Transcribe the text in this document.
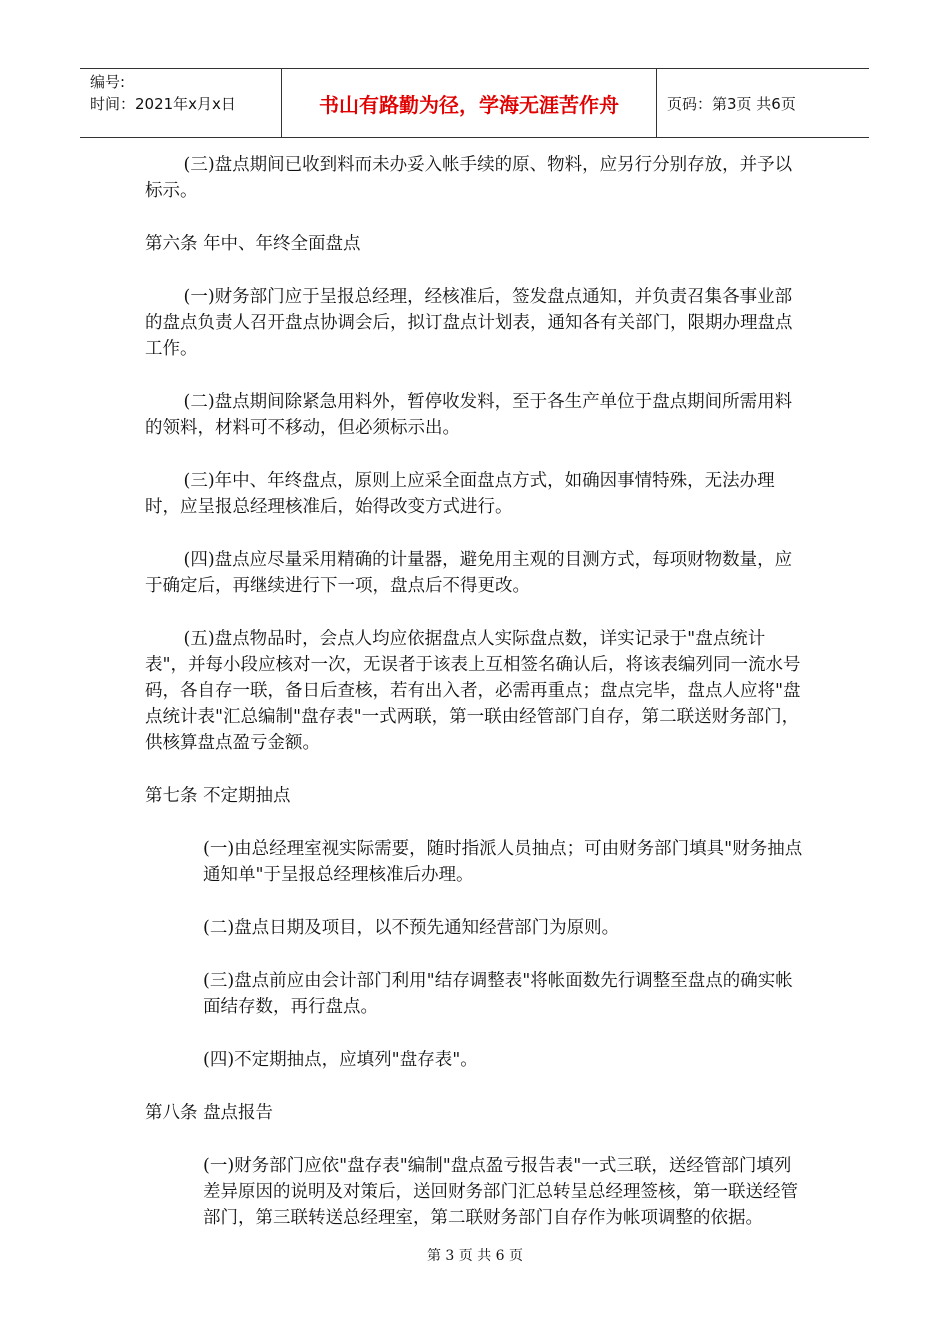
编号:
时间：2021年x月x日	书山有路勤为径，学海无涯苦作舟	页码：第3页 共6页

(三)盘点期间已收到料而未办妥入帐手续的原、物料，应另行分别存放，并予以标示。

第六条 年中、年终全面盘点

(一)财务部门应于呈报总经理，经核准后，签发盘点通知，并负责召集各事业部的盘点负责人召开盘点协调会后，拟订盘点计划表，通知各有关部门，限期办理盘点工作。

(二)盘点期间除紧急用料外，暂停收发料，至于各生产单位于盘点期间所需用料的领料，材料可不移动，但必须标示出。

(三)年中、年终盘点，原则上应采全面盘点方式，如确因事情特殊，无法办理时，应呈报总经理核准后，始得改变方式进行。

(四)盘点应尽量采用精确的计量器，避免用主观的目测方式，每项财物数量，应于确定后，再继续进行下一项，盘点后不得更改。

(五)盘点物品时，会点人均应依据盘点人实际盘点数，详实记录于"盘点统计表"，并每小段应核对一次，无误者于该表上互相签名确认后，将该表编列同一流水号码，各自存一联，备日后查核，若有出入者，必需再重点；盘点完毕，盘点人应将"盘点统计表"汇总编制"盘存表"一式两联，第一联由经管部门自存，第二联送财务部门，供核算盘点盈亏金额。

第七条 不定期抽点

(一)由总经理室视实际需要，随时指派人员抽点；可由财务部门填具"财务抽点通知单"于呈报总经理核准后办理。

(二)盘点日期及项目，以不预先通知经营部门为原则。

(三)盘点前应由会计部门利用"结存调整表"将帐面数先行调整至盘点的确实帐面结存数，再行盘点。

(四)不定期抽点，应填列"盘存表"。

第八条 盘点报告

(一)财务部门应依"盘存表"编制"盘点盈亏报告表"一式三联，送经管部门填列差异原因的说明及对策后，送回财务部门汇总转呈总经理签核，第一联送经管部门，第三联转送总经理室，第二联财务部门自存作为帐项调整的依据。

第 3 页 共 6 页
